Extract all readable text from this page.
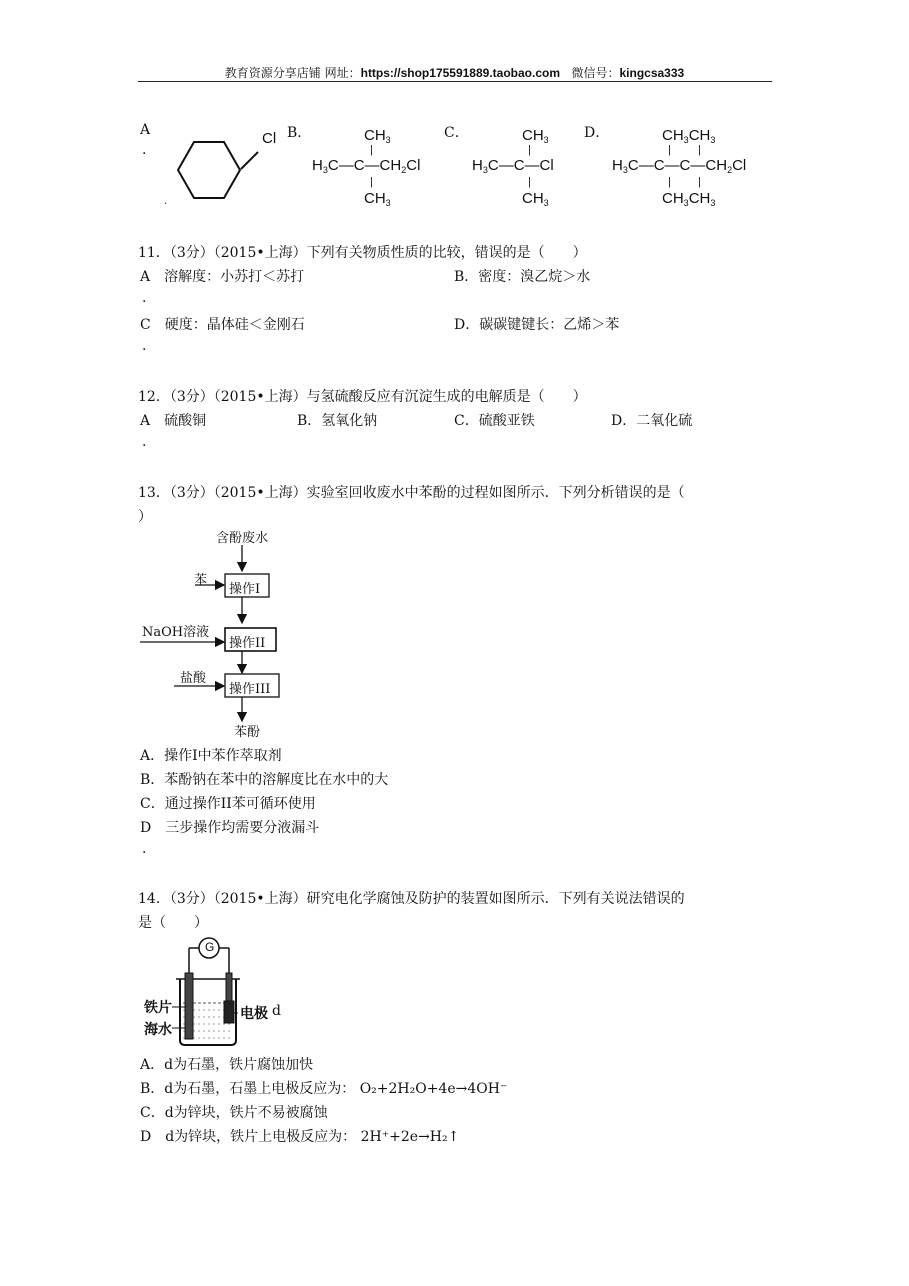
教育资源分享店铺 网址：https://shop175591889.taobao.com 微信号：kingcsa333
A
·
.
Cl B．	$CH_3$
|
$H_3C—C—CH_2Cl$
|
$CH_3$
C．	$CH_3$
|
$H_3C—C—Cl$
|
$CH_3$
D．	$CH_3CH_3$
| |
$H_3C—C—C—CH_2Cl$
| |
$CH_3CH_3$
11．（3分）（2015•上海）下列有关物质性质的比较，错误的是（　　）
A　溶解度：小苏打＜苏打	B．密度：溴乙烷＞水
.
C　硬度：晶体硅＜金刚石	D．碳碳键键长：乙烯＞苯
.
12．（3分）（2015•上海）与氢硫酸反应有沉淀生成的电解质是（　　）
A　硫酸铜	B．氢氧化钠	C．硫酸亚铁	D．二氧化硫
.
13．（3分）（2015•上海）实验室回收废水中苯酚的过程如图所示．下列分析错误的是（
）
含酚废水
苯
操作I
NaOH溶液
操作II
盐酸
操作III
苯酚
A．操作I中苯作萃取剂
B．苯酚钠在苯中的溶解度比在水中的大
C．通过操作II苯可循环使用
D　三步操作均需要分液漏斗
.
14．（3分）（2015•上海）研究电化学腐蚀及防护的装置如图所示．下列有关说法错误的
是（　　）
G
铁片
海水
电极 d
A．d为石墨，铁片腐蚀加快
B．d为石墨，石墨上电极反应为： O₂+2H₂O+4e→4OH⁻
C．d为锌块，铁片不易被腐蚀
D　d为锌块，铁片上电极反应为： 2H⁺+2e→H₂↑
